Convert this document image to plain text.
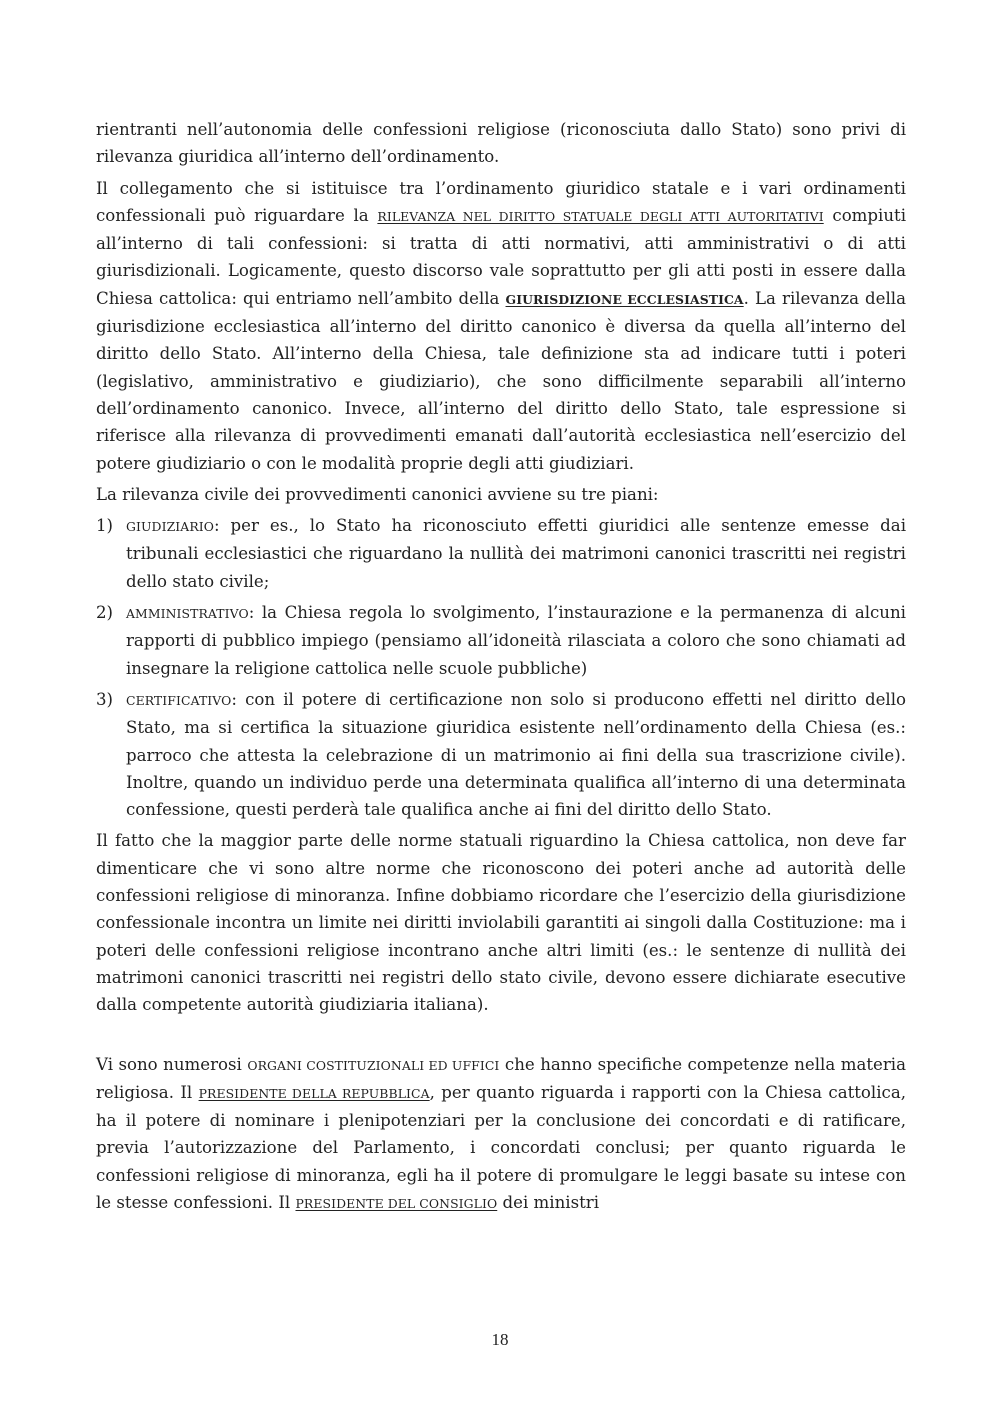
rientranti nell’autonomia delle confessioni religiose (riconosciuta dallo Stato) sono privi di rilevanza giuridica all’interno dell’ordinamento.

Il collegamento che si istituisce tra l’ordinamento giuridico statale e i vari ordinamenti confessionali può riguardare la RILEVANZA NEL DIRITTO STATUALE DEGLI ATTI AUTORITATIVI compiuti all’interno di tali confessioni: si tratta di atti normativi, atti amministrativi o di atti giurisdizionali. Logicamente, questo discorso vale soprattutto per gli atti posti in essere dalla Chiesa cattolica: qui entriamo nell’ambito della GIURISDIZIONE ECCLESIASTICA. La rilevanza della giurisdizione ecclesiastica all’interno del diritto canonico è diversa da quella all’interno del diritto dello Stato. All’interno della Chiesa, tale definizione sta ad indicare tutti i poteri (legislativo, amministrativo e giudiziario), che sono difficilmente separabili all’interno dell’ordinamento canonico. Invece, all’interno del diritto dello Stato, tale espressione si riferisce alla rilevanza di provvedimenti emanati dall’autorità ecclesiastica nell’esercizio del potere giudiziario o con le modalità proprie degli atti giudiziari.

La rilevanza civile dei provvedimenti canonici avviene su tre piani:

1) GIUDIZIARIO: per es., lo Stato ha riconosciuto effetti giuridici alle sentenze emesse dai tribunali ecclesiastici che riguardano la nullità dei matrimoni canonici trascritti nei registri dello stato civile;
2) AMMINISTRATIVO: la Chiesa regola lo svolgimento, l’instaurazione e la permanenza di alcuni rapporti di pubblico impiego (pensiamo all’idoneità rilasciata a coloro che sono chiamati ad insegnare la religione cattolica nelle scuole pubbliche)
3) CERTIFICATIVO: con il potere di certificazione non solo si producono effetti nel diritto dello Stato, ma si certifica la situazione giuridica esistente nell’ordinamento della Chiesa (es.: parroco che attesta la celebrazione di un matrimonio ai fini della sua trascrizione civile). Inoltre, quando un individuo perde una determinata qualifica all’interno di una determinata confessione, questi perderà tale qualifica anche ai fini del diritto dello Stato.

Il fatto che la maggior parte delle norme statuali riguardino la Chiesa cattolica, non deve far dimenticare che vi sono altre norme che riconoscono dei poteri anche ad autorità delle confessioni religiose di minoranza. Infine dobbiamo ricordare che l’esercizio della giurisdizione confessionale incontra un limite nei diritti inviolabili garantiti ai singoli dalla Costituzione: ma i poteri delle confessioni religiose incontrano anche altri limiti (es.: le sentenze di nullità dei matrimoni canonici trascritti nei registri dello stato civile, devono essere dichiarate esecutive dalla competente autorità giudiziaria italiana).

Vi sono numerosi ORGANI COSTITUZIONALI ED UFFICI che hanno specifiche competenze nella materia religiosa. Il PRESIDENTE DELLA REPUBBLICA, per quanto riguarda i rapporti con la Chiesa cattolica, ha il potere di nominare i plenipotenziari per la conclusione dei concordati e di ratificare, previa l’autorizzazione del Parlamento, i concordati conclusi; per quanto riguarda le confessioni religiose di minoranza, egli ha il potere di promulgare le leggi basate su intese con le stesse confessioni. Il PRESIDENTE DEL CONSIGLIO dei ministri

18
